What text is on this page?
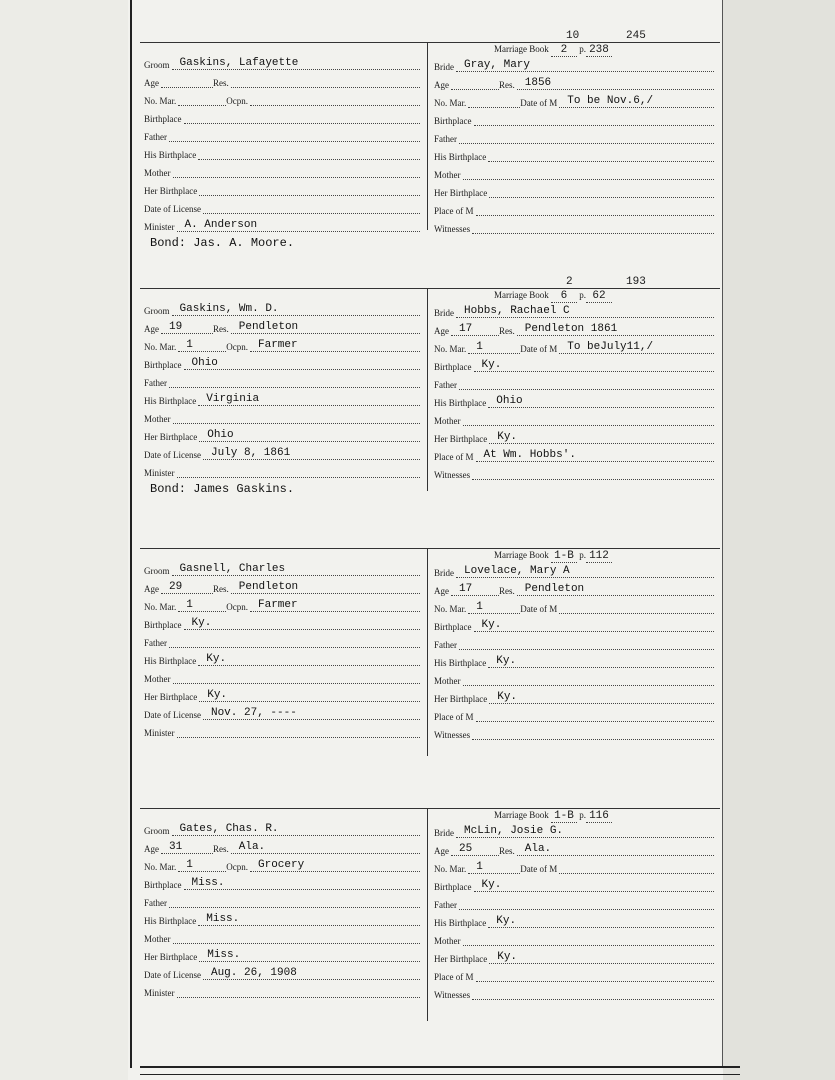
Groom Gaskins, Lafayette
Age	Res.
No. Mar.	Ocpn.
Birthplace
Father
His Birthplace
Mother
Her Birthplace
Date of License
Minister A. Anderson
10	245
Marriage Book 2 p. 238
Bride Gray, Mary
Age	Res. 1856
No. Mar.	Date of M To be Nov.6,/
Birthplace
Father
His Birthplace
Mother
Her Birthplace
Place of M
Witnesses
Bond: Jas. A. Moore.
Groom Gaskins, Wm. D.
Age 19	Res. Pendleton
No. Mar. 1	Ocpn. Farmer
Birthplace Ohio
Father
His Birthplace Virginia
Mother
Her Birthplace Ohio
Date of License July 8, 1861
Minister
2	193
Marriage Book 6 p. 62
Bride Hobbs, Rachael C
Age 17	Res. Pendleton 1861
No. Mar. 1	Date of M To beJuly11,/
Birthplace Ky.
Father
His Birthplace Ohio
Mother
Her Birthplace Ky.
Place of M At Wm. Hobbs'.
Witnesses
Bond: James Gaskins.
Groom Gasnell, Charles
Age 29	Res. Pendleton
No. Mar. 1	Ocpn. Farmer
Birthplace Ky.
Father
His Birthplace Ky.
Mother
Her Birthplace Ky.
Date of License Nov. 27, ----
Minister
Marriage Book 1-B p. 112
Bride Lovelace, Mary A
Age 17	Res. Pendleton
No. Mar. 1	Date of M
Birthplace Ky.
Father
His Birthplace Ky.
Mother
Her Birthplace Ky.
Place of M
Witnesses
Groom Gates, Chas. R.
Age 31	Res. Ala.
No. Mar. 1	Ocpn. Grocery
Birthplace Miss.
Father
His Birthplace Miss.
Mother
Her Birthplace Miss.
Date of License Aug. 26, 1908
Minister
Marriage Book 1-B p. 116
Bride McLin, Josie G.
Age 25	Res. Ala.
No. Mar. 1	Date of M
Birthplace Ky.
Father
His Birthplace Ky.
Mother
Her Birthplace Ky.
Place of M
Witnesses
